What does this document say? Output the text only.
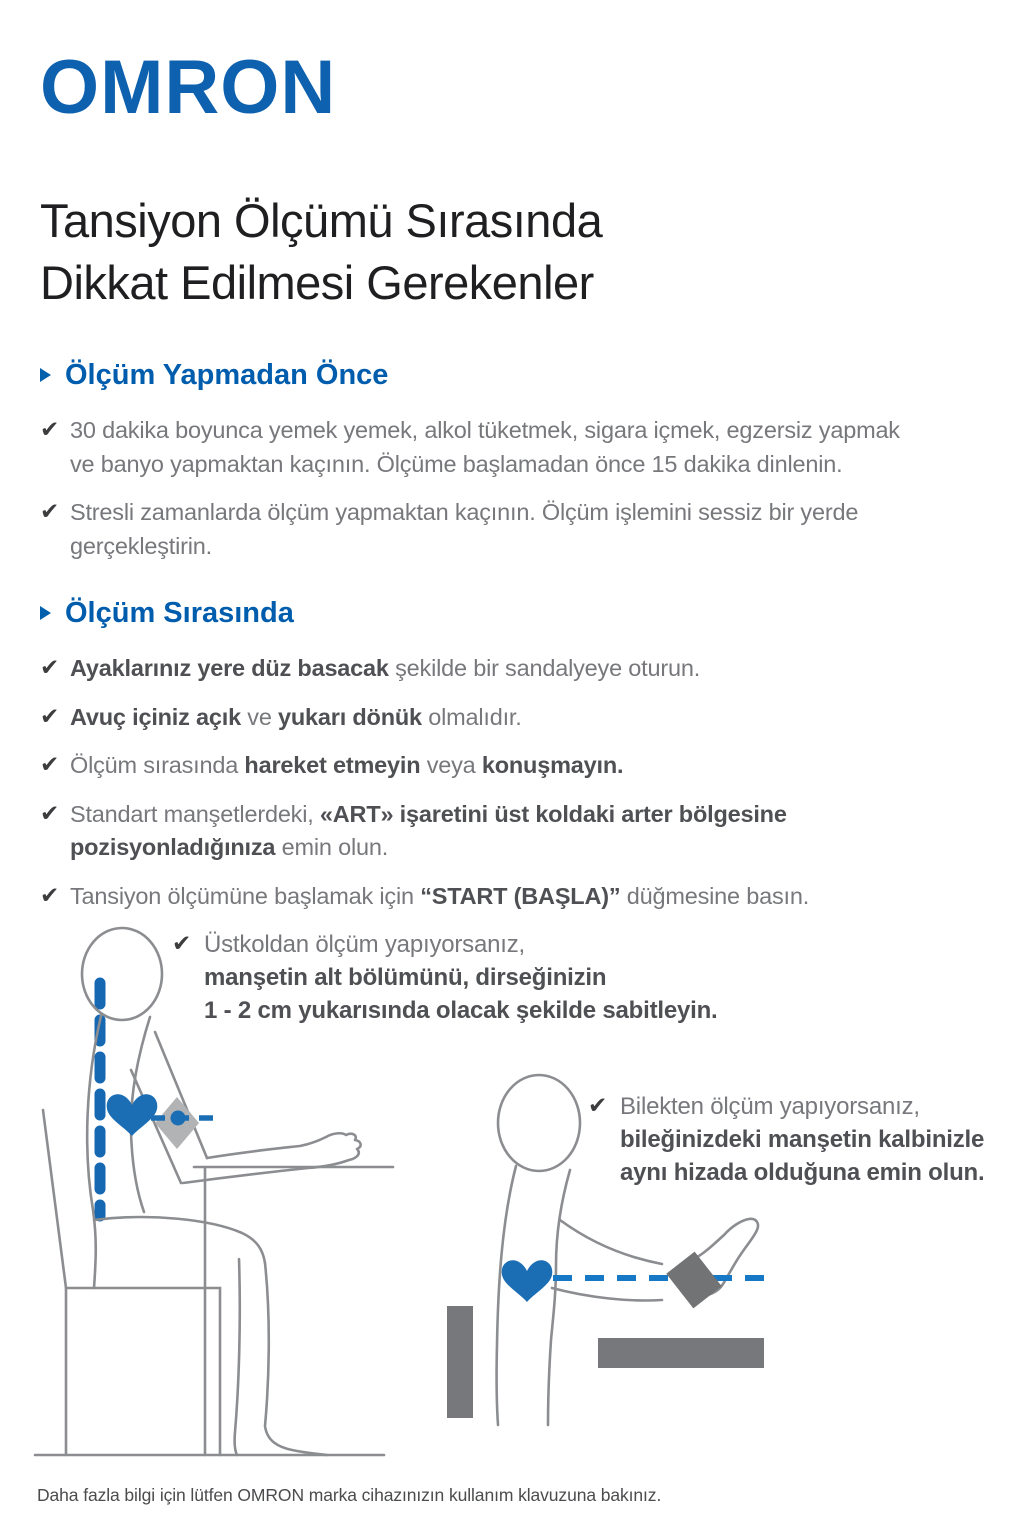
OMRON
Tansiyon Ölçümü Sırasında
Dikkat Edilmesi Gerekenler
Ölçüm Yapmadan Önce
✔ 30 dakika boyunca yemek yemek, alkol tüketmek, sigara içmek, egzersiz yapmak
ve banyo yapmaktan kaçının. Ölçüme başlamadan önce 15 dakika dinlenin.

✔ Stresli zamanlarda ölçüm yapmaktan kaçının. Ölçüm işlemini sessiz bir yerde
gerçekleştirin.

Ölçüm Sırasında
✔ Ayaklarınız yere düz basacak şekilde bir sandalyeye oturun.

✔ Avuç içiniz açık ve yukarı dönük olmalıdır.

✔ Ölçüm sırasında hareket etmeyin veya konuşmayın.

✔ Standart manşetlerdeki, «ART» işaretini üst koldaki arter bölgesine
pozisyonladığınıza emin olun.

✔ Tansiyon ölçümüne başlamak için “START (BAŞLA)” düğmesine basın.

✔ Üstkoldan ölçüm yapıyorsanız,
manşetin alt bölümünü, dirseğinizin
1 - 2 cm yukarısında olacak şekilde sabitleyin.

✔ Bilekten ölçüm yapıyorsanız,
bileğinizdeki manşetin kalbinizle
aynı hizada olduğuna emin olun.

Daha fazla bilgi için lütfen OMRON marka cihazınızın kullanım klavuzuna bakınız.
